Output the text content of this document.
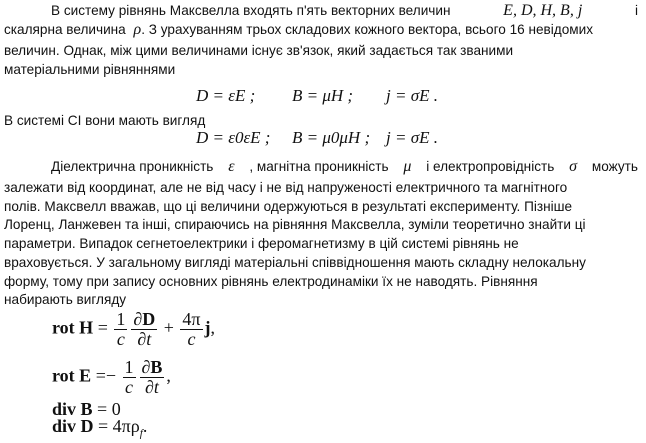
В систему рівнянь Максвелла входять п'ять векторних величин	E, D, H, B, j	і
скалярна величина ρ. З урахуванням трьох складових кожного вектора, всього 16 невідомих
величин. Однак, між цими величинами існує зв'язок, який задається так званими
матеріальними рівняннями
D = εE ; B = μH ; j = σE .
В системі СІ вони мають вигляд
D = ε0εE ; B = μ0μH ; j = σE .
Діелектрична проникність ε , магнітна проникність μ і електропровідність σ можуть
залежати від координат, але не від часу і не від напруженості електричного та магнітного
полів. Максвелл вважав, що ці величини одержуються в результаті експерименту. Пізніше
Лоренц, Ланжевен та інші, спираючись на рівняння Максвелла, зуміли теоретично знайти ці
параметри. Випадок сегнетоелектрики і феромагнетизму в цій системі рівнянь не
враховується. У загальному вигляді матеріальні співвідношення мають складну нелокальну
форму, тому при запису основних рівнянь електродинаміки їх не наводять. Рівняння
набирають вигляду
rot $H = \frac{1}{c} \frac{\partial D}{\partial t} + \frac{4\pi}{c} j$,
rot $E =- \frac{1}{c} \frac{\partial B}{\partial t}$ ,
div B = 0
div $D = 4\pi\rho_f$.
